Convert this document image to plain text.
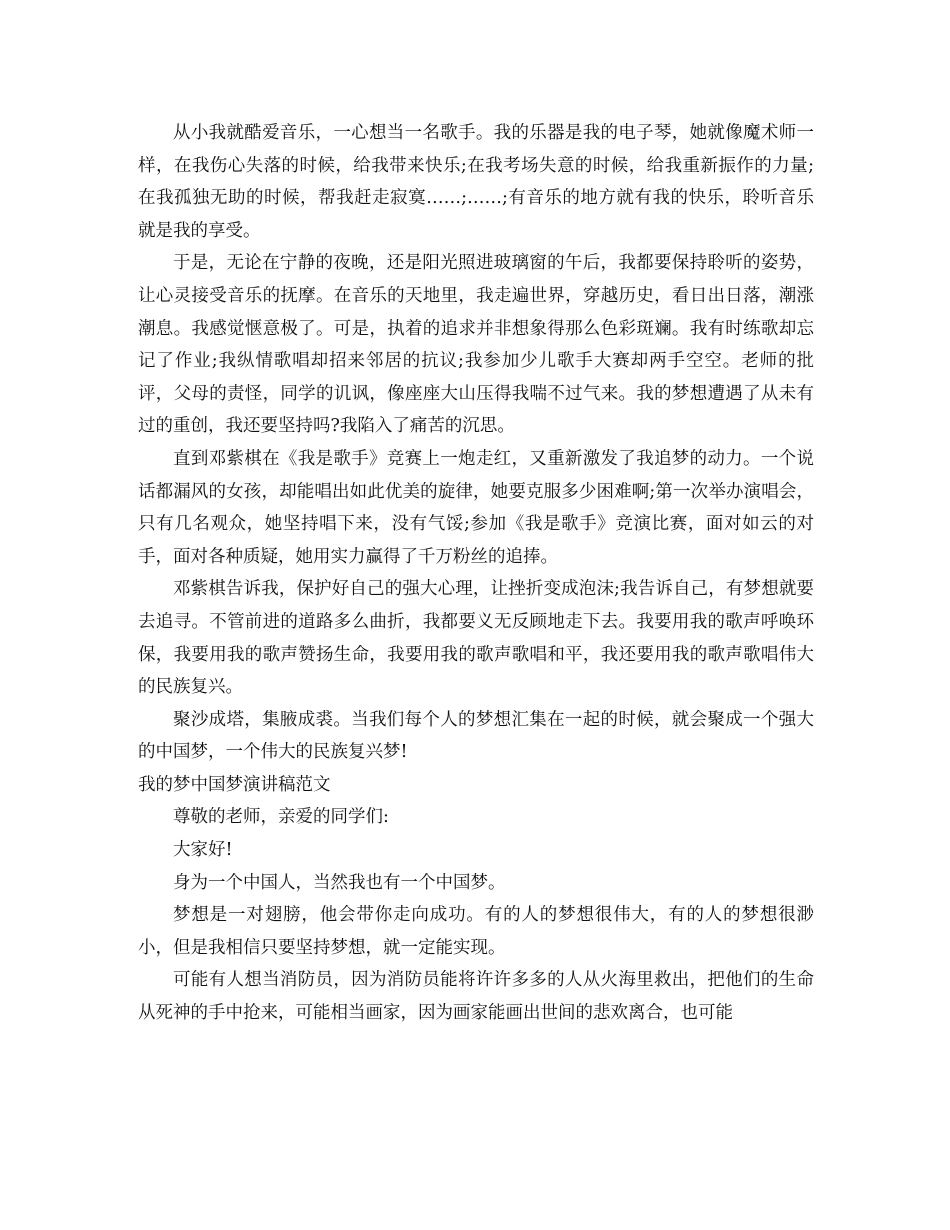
从小我就酷爱音乐，一心想当一名歌手。我的乐器是我的电子琴，她就像魔术师一样，在我伤心失落的时候，给我带来快乐;在我考场失意的时候，给我重新振作的力量;在我孤独无助的时候，帮我赶走寂寞……;……;有音乐的地方就有我的快乐，聆听音乐就是我的享受。

于是，无论在宁静的夜晚，还是阳光照进玻璃窗的午后，我都要保持聆听的姿势，让心灵接受音乐的抚摩。在音乐的天地里，我走遍世界，穿越历史，看日出日落，潮涨潮息。我感觉惬意极了。可是，执着的追求并非想象得那么色彩斑斓。我有时练歌却忘记了作业;我纵情歌唱却招来邻居的抗议;我参加少儿歌手大赛却两手空空。老师的批评，父母的责怪，同学的讥讽，像座座大山压得我喘不过气来。我的梦想遭遇了从未有过的重创，我还要坚持吗?我陷入了痛苦的沉思。

直到邓紫棋在《我是歌手》竞赛上一炮走红，又重新激发了我追梦的动力。一个说话都漏风的女孩，却能唱出如此优美的旋律，她要克服多少困难啊;第一次举办演唱会，只有几名观众，她坚持唱下来，没有气馁;参加《我是歌手》竞演比赛，面对如云的对手，面对各种质疑，她用实力赢得了千万粉丝的追捧。

邓紫棋告诉我，保护好自己的强大心理，让挫折变成泡沫;我告诉自己，有梦想就要去追寻。不管前进的道路多么曲折，我都要义无反顾地走下去。我要用我的歌声呼唤环保，我要用我的歌声赞扬生命，我要用我的歌声歌唱和平，我还要用我的歌声歌唱伟大的民族复兴。

聚沙成塔，集腋成裘。当我们每个人的梦想汇集在一起的时候，就会聚成一个强大的中国梦，一个伟大的民族复兴梦!

我的梦中国梦演讲稿范文

尊敬的老师，亲爱的同学们:

大家好!

身为一个中国人，当然我也有一个中国梦。

梦想是一对翅膀，他会带你走向成功。有的人的梦想很伟大，有的人的梦想很渺小，但是我相信只要坚持梦想，就一定能实现。

可能有人想当消防员，因为消防员能将许许多多的人从火海里救出，把他们的生命从死神的手中抢来，可能相当画家，因为画家能画出世间的悲欢离合，也可能
